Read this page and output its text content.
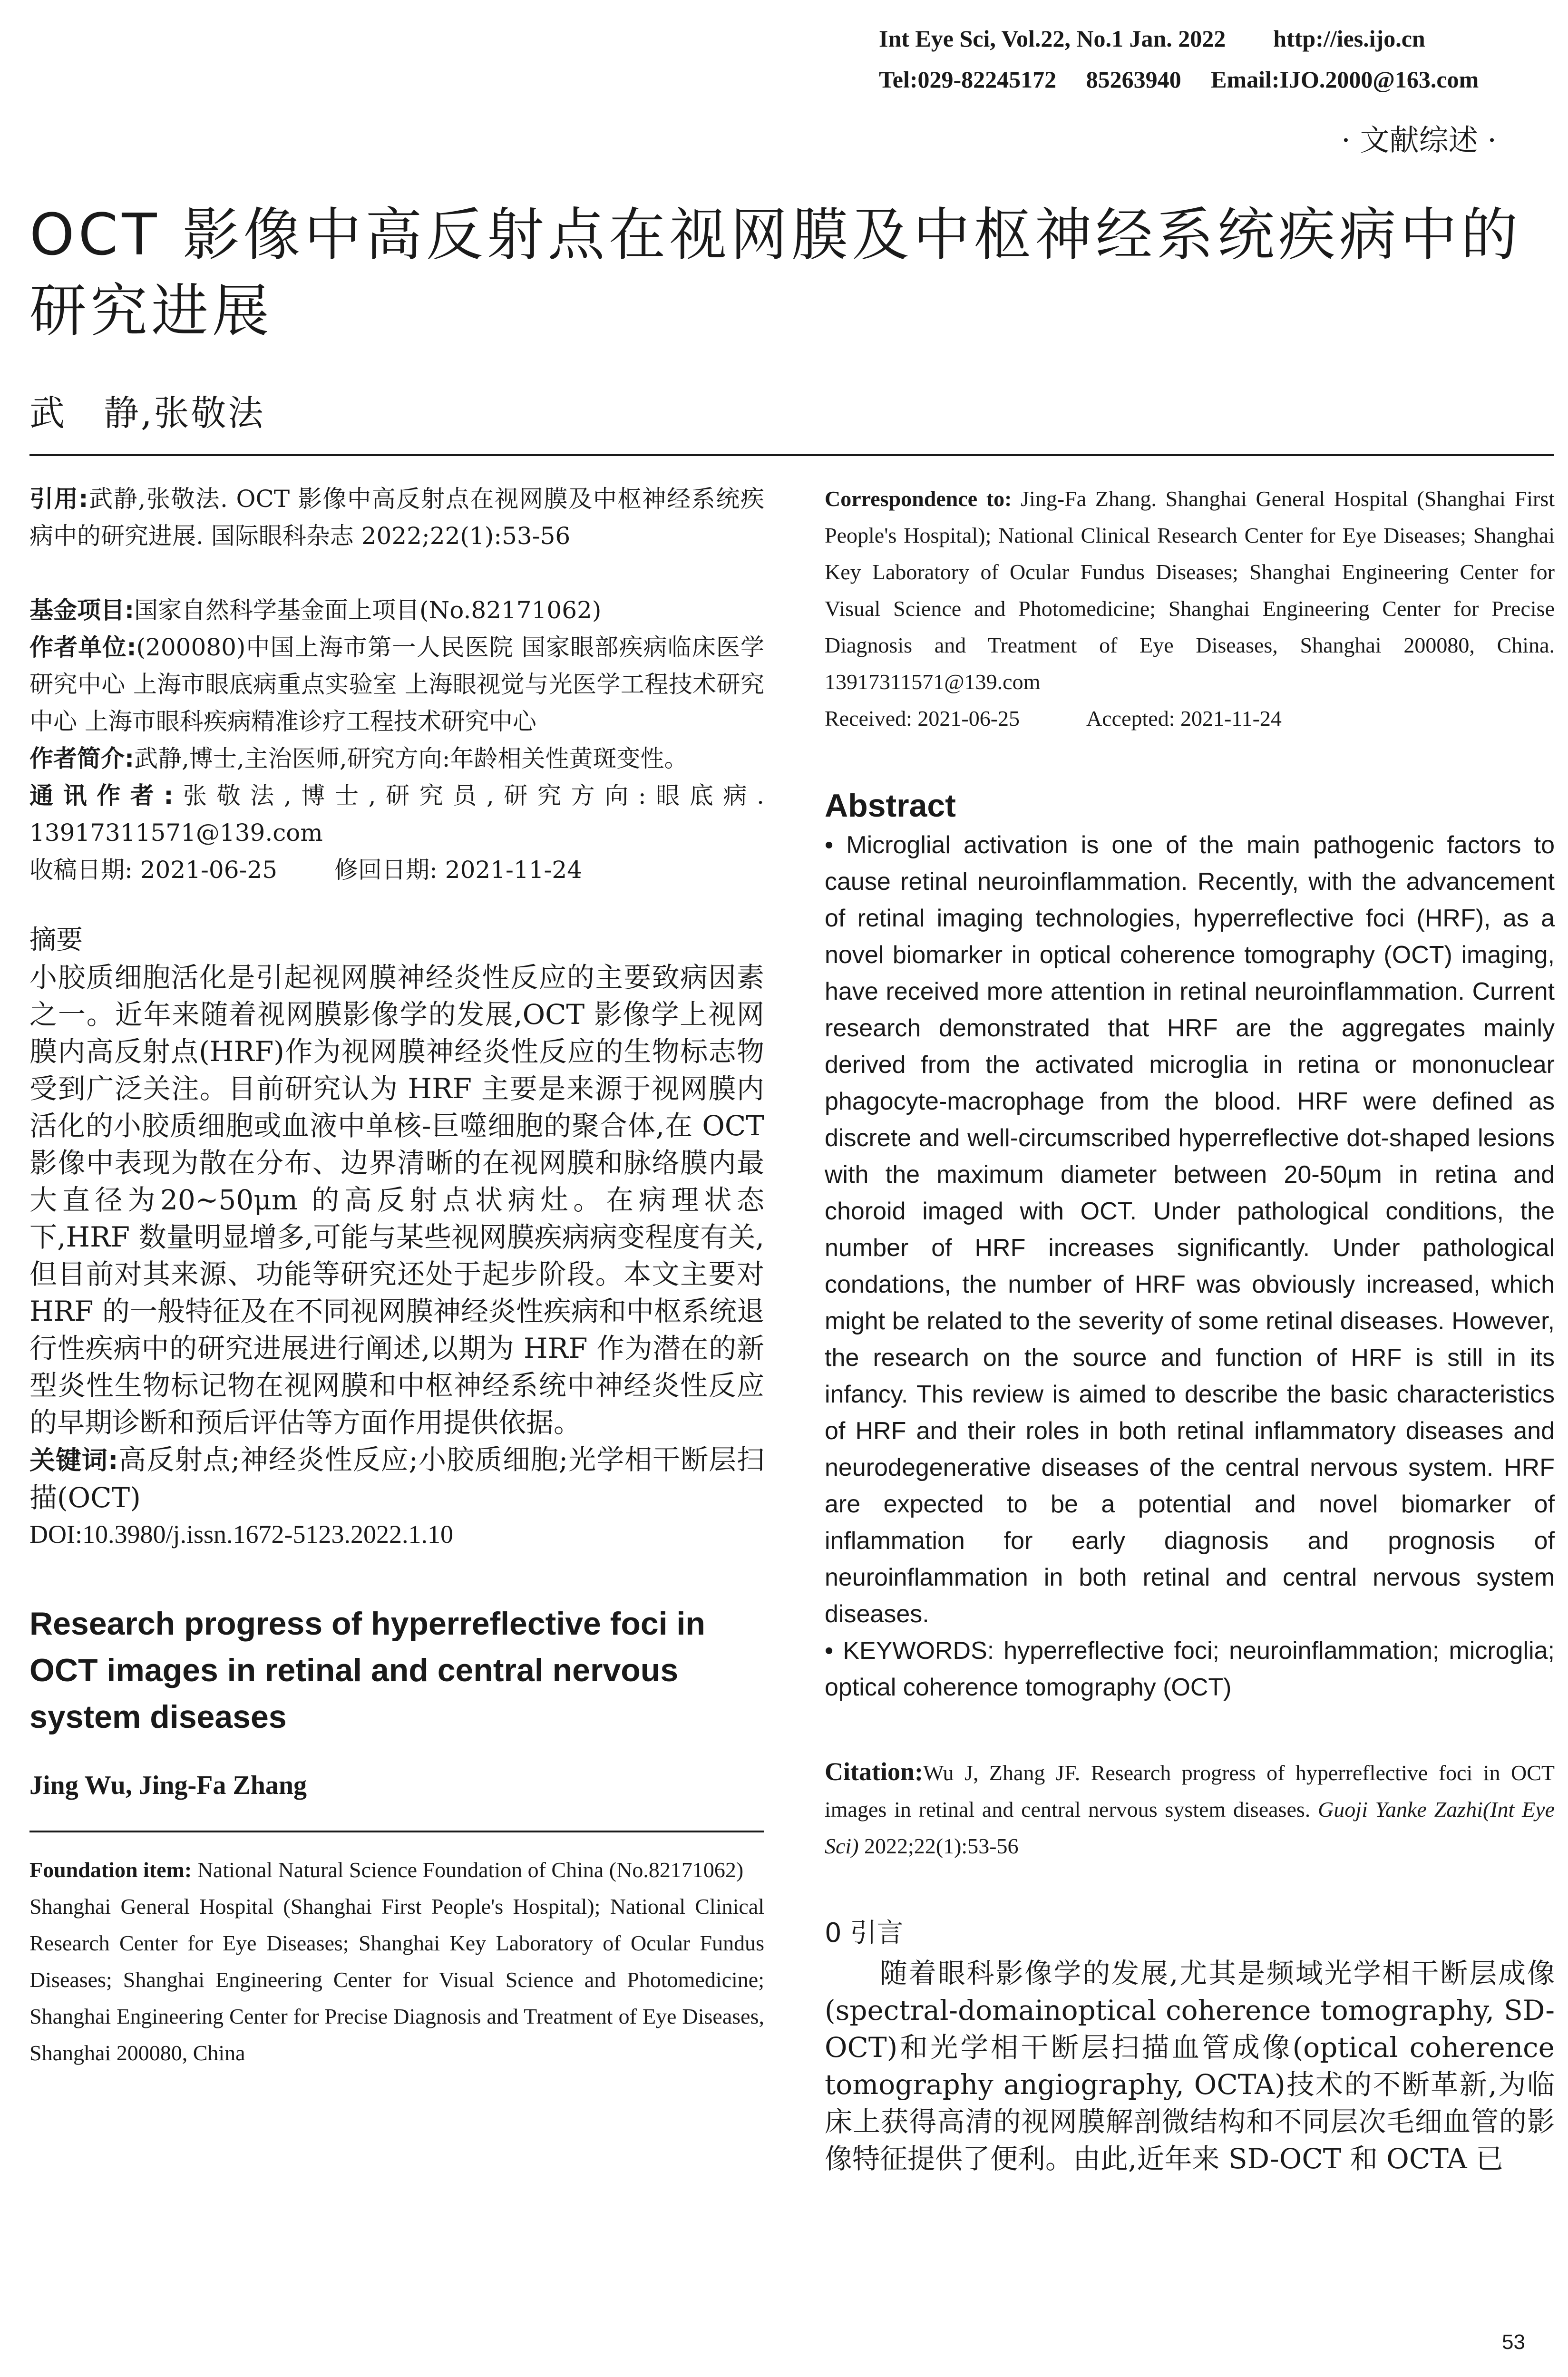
Int Eye Sci, Vol.22, No.1 Jan. 2022        http://ies.ijo.cn
Tel:029-82245172     85263940     Email:IJO.2000@163.com
· 文献综述 ·
OCT 影像中高反射点在视网膜及中枢神经系统疾病中的研究进展
武　静,张敬法

引用:武静,张敬法. OCT 影像中高反射点在视网膜及中枢神经系统疾病中的研究进展. 国际眼科杂志 2022;22(1):53-56

基金项目:国家自然科学基金面上项目(No.82171062)

作者单位:(200080)中国上海市第一人民医院 国家眼部疾病临床医学研究中心 上海市眼底病重点实验室 上海眼视觉与光医学工程技术研究中心 上海市眼科疾病精准诊疗工程技术研究中心

作者简介:武静,博士,主治医师,研究方向:年龄相关性黄斑变性。

通讯作者:张敬法,博士,研究员,研究方向:眼底病. 13917311571@139.com

收稿日期: 2021-06-25 修回日期: 2021-11-24

摘要

小胶质细胞活化是引起视网膜神经炎性反应的主要致病因素之一。近年来随着视网膜影像学的发展,OCT 影像学上视网膜内高反射点(HRF)作为视网膜神经炎性反应的生物标志物受到广泛关注。目前研究认为 HRF 主要是来源于视网膜内活化的小胶质细胞或血液中单核-巨噬细胞的聚合体,在 OCT 影像中表现为散在分布、边界清晰的在视网膜和脉络膜内最大直径为20~50μm 的高反射点状病灶。在病理状态下,HRF 数量明显增多,可能与某些视网膜疾病病变程度有关,但目前对其来源、功能等研究还处于起步阶段。本文主要对 HRF 的一般特征及在不同视网膜神经炎性疾病和中枢系统退行性疾病中的研究进展进行阐述,以期为 HRF 作为潜在的新型炎性生物标记物在视网膜和中枢神经系统中神经炎性反应的早期诊断和预后评估等方面作用提供依据。

关键词:高反射点;神经炎性反应;小胶质细胞;光学相干断层扫描(OCT)

DOI:10.3980/j.issn.1672-5123.2022.1.10

Research progress of hyperreflective foci in OCT images in retinal and central nervous system diseases

Jing Wu, Jing-Fa Zhang

Foundation item: National Natural Science Foundation of China (No.82171062)

Shanghai General Hospital (Shanghai First People's Hospital); National Clinical Research Center for Eye Diseases; Shanghai Key Laboratory of Ocular Fundus Diseases; Shanghai Engineering Center for Visual Science and Photomedicine; Shanghai Engineering Center for Precise Diagnosis and Treatment of Eye Diseases, Shanghai 200080, China

Correspondence to: Jing-Fa Zhang. Shanghai General Hospital (Shanghai First People's Hospital); National Clinical Research Center for Eye Diseases; Shanghai Key Laboratory of Ocular Fundus Diseases; Shanghai Engineering Center for Visual Science and Photomedicine; Shanghai Engineering Center for Precise Diagnosis and Treatment of Eye Diseases, Shanghai 200080, China. 13917311571@139.com

Received: 2021-06-25	Accepted: 2021-11-24

Abstract

• Microglial activation is one of the main pathogenic factors to cause retinal neuroinflammation. Recently, with the advancement of retinal imaging technologies, hyperreflective foci (HRF), as a novel biomarker in optical coherence tomography (OCT) imaging, have received more attention in retinal neuroinflammation. Current research demonstrated that HRF are the aggregates mainly derived from the activated microglia in retina or mononuclear phagocyte-macrophage from the blood. HRF were defined as discrete and well-circumscribed hyperreflective dot-shaped lesions with the maximum diameter between 20-50μm in retina and choroid imaged with OCT. Under pathological conditions, the number of HRF increases significantly. Under pathological condations, the number of HRF was obviously increased, which might be related to the severity of some retinal diseases. However, the research on the source and function of HRF is still in its infancy. This review is aimed to describe the basic characteristics of HRF and their roles in both retinal inflammatory diseases and neurodegenerative diseases of the central nervous system. HRF are expected to be a potential and novel biomarker of inflammation for early diagnosis and prognosis of neuroinflammation in both retinal and central nervous system diseases.

• KEYWORDS: hyperreflective foci; neuroinflammation; microglia; optical coherence tomography (OCT)

Citation:Wu J, Zhang JF. Research progress of hyperreflective foci in OCT images in retinal and central nervous system diseases. Guoji Yanke Zazhi(Int Eye Sci) 2022;22(1):53-56

0 引言

随着眼科影像学的发展,尤其是频域光学相干断层成像(spectral-domainoptical coherence tomography, SD-OCT)和光学相干断层扫描血管成像(optical coherence tomography angiography, OCTA)技术的不断革新,为临床上获得高清的视网膜解剖微结构和不同层次毛细血管的影像特征提供了便利。由此,近年来 SD-OCT 和 OCTA 已

53
